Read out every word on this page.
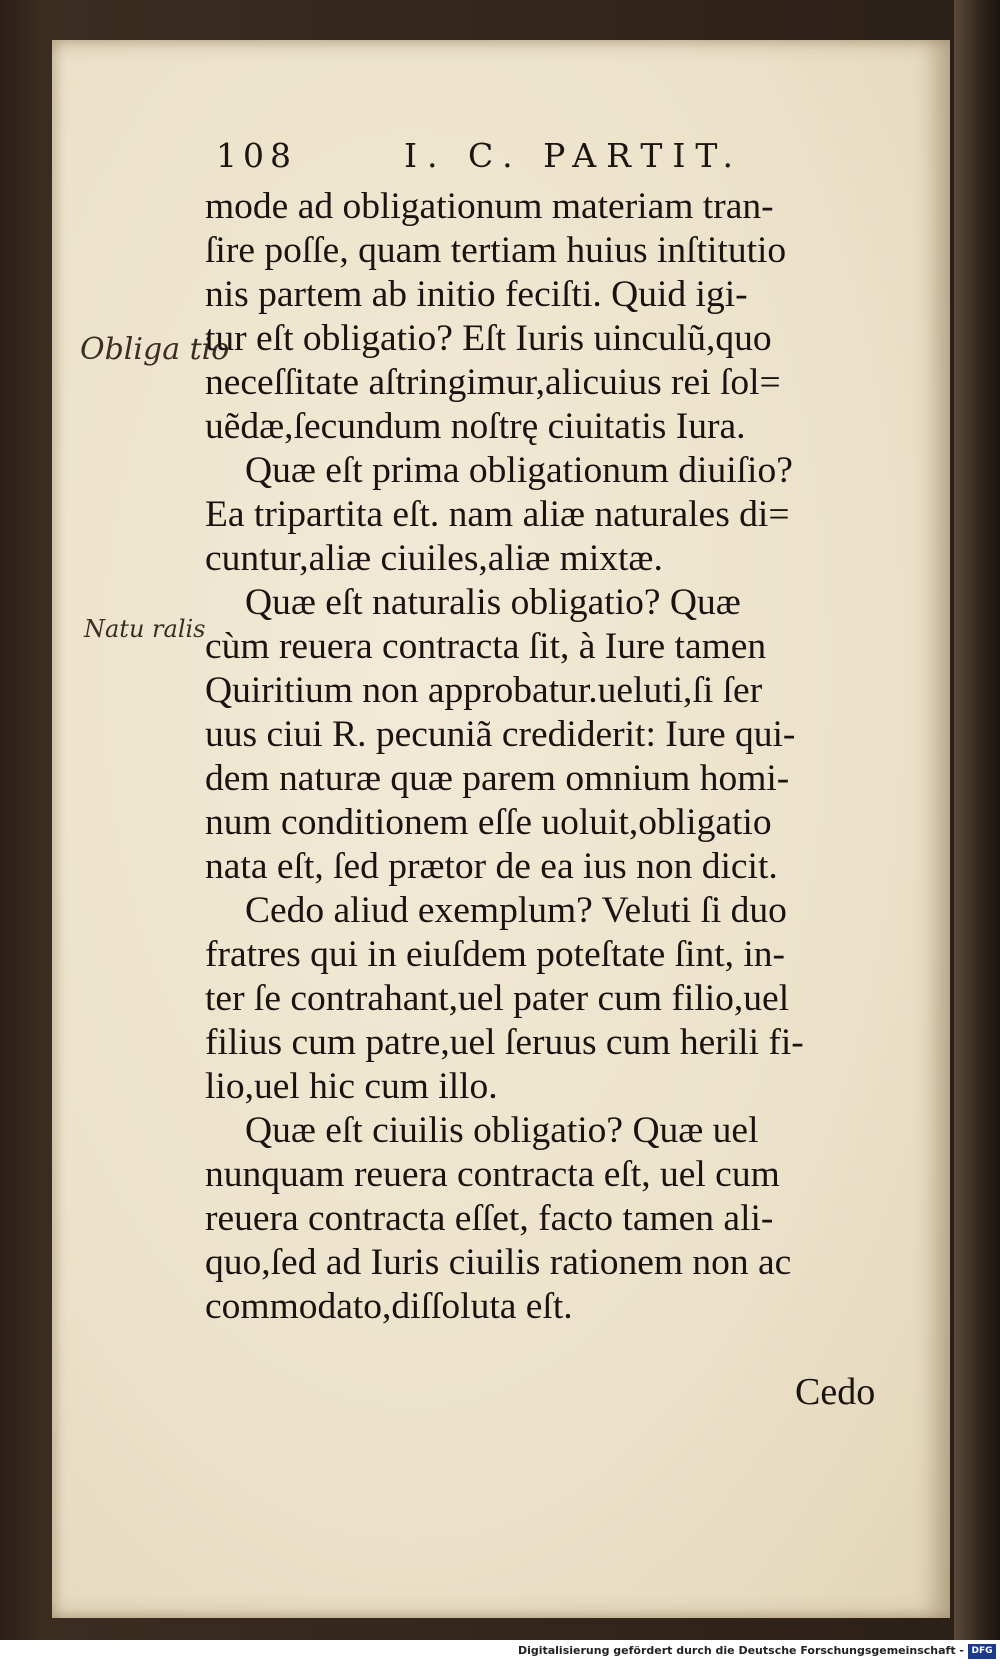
108	I. C. PARTIT.
Obliga tio
Natu ralis
mode ad obligationum materiam tran-
ſire poſſe, quam tertiam huius inſtitutio
nis partem ab initio feciſti. Quid igi-
tur eſt obligatio? Eſt Iuris uinculũ,quo
neceſſitate aſtringimur,alicuius rei ſol=
uẽdæ,ſecundum noſtrę ciuitatis Iura.
Quæ eſt prima obligationum diuiſio?
Ea tripartita eſt. nam aliæ naturales di=
cuntur,aliæ ciuiles,aliæ mixtæ.
Quæ eſt naturalis obligatio? Quæ
cùm reuera contracta ſit, à Iure tamen
Quiritium non approbatur.ueluti,ſi ſer
uus ciui R. pecuniã crediderit: Iure qui-
dem naturæ quæ parem omnium homi-
num conditionem eſſe uoluit,obligatio
nata eſt, ſed prætor de ea ius non dicit.
Cedo aliud exemplum? Veluti ſi duo
fratres qui in eiuſdem poteſtate ſint, in-
ter ſe contrahant,uel pater cum filio,uel
filius cum patre,uel ſeruus cum herili fi-
lio,uel hic cum illo.
Quæ eſt ciuilis obligatio? Quæ uel
nunquam reuera contracta eſt, uel cum
reuera contracta eſſet, facto tamen ali-
quo,ſed ad Iuris ciuilis rationem non ac
commodato,diſſoluta eſt.
Cedo
Digitalisierung gefördert durch die Deutsche Forschungsgemeinschaft - DFG
